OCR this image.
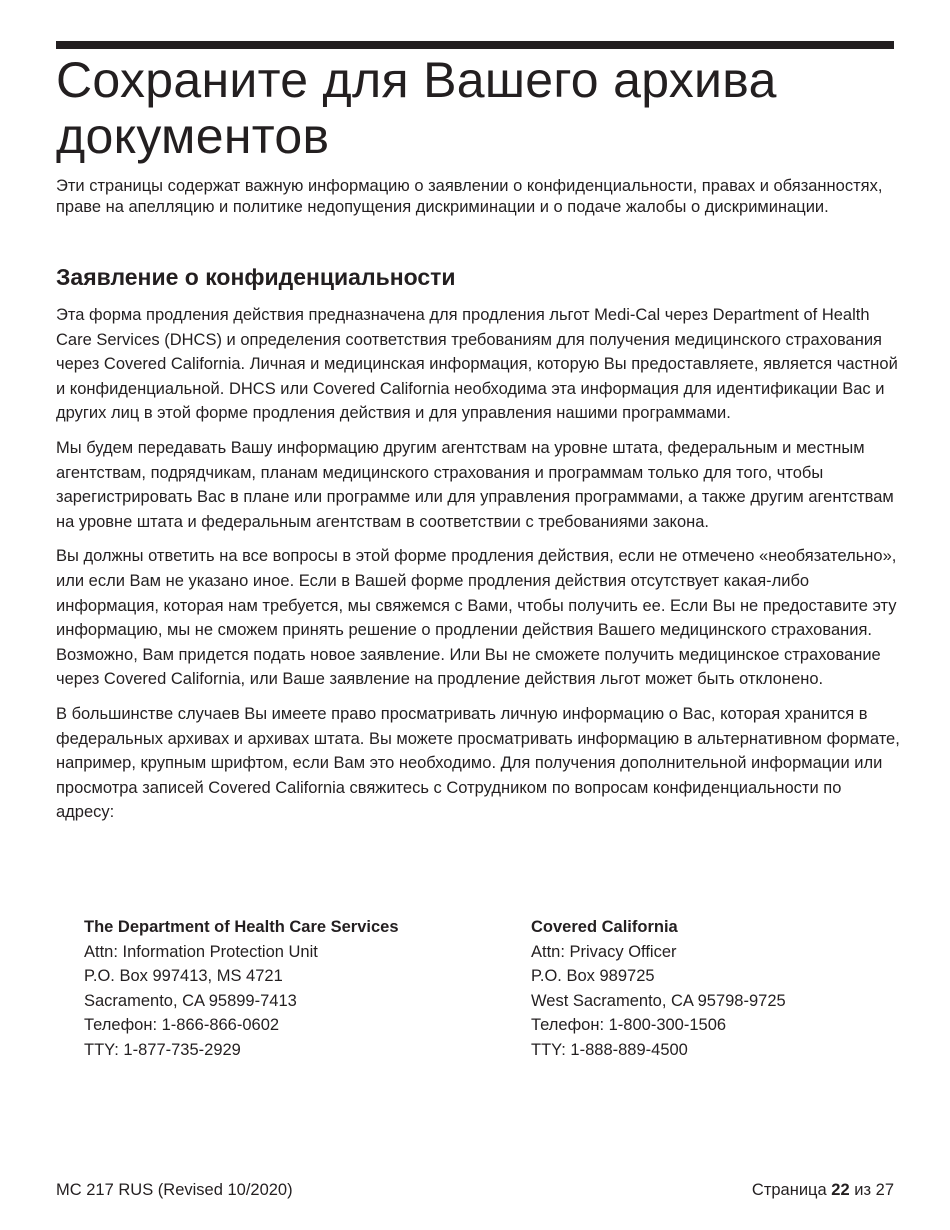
Сохраните для Вашего архива документов

Эти страницы содержат важную информацию о заявлении о конфиденциальности, правах и обязанностях, праве на апелляцию и политике недопущения дискриминации и о подаче жалобы о дискриминации.

Заявление о конфиденциальности

Эта форма продления действия предназначена для продления льгот Medi-Cal через Department of Health Care Services (DHCS) и определения соответствия требованиям для получения медицинского страхования через Covered California. Личная и медицинская информация, которую Вы предоставляете, является частной и конфиденциальной. DHCS или Covered California необходима эта информация для идентификации Вас и других лиц в этой форме продления действия и для управления нашими программами.

Мы будем передавать Вашу информацию другим агентствам на уровне штата, федеральным и местным агентствам, подрядчикам, планам медицинского страхования и программам только для того, чтобы зарегистрировать Вас в плане или программе или для управления программами, а также другим агентствам на уровне штата и федеральным агентствам в соответствии с требованиями закона.

Вы должны ответить на все вопросы в этой форме продления действия, если не отмечено «необязательно», или если Вам не указано иное. Если в Вашей форме продления действия отсутствует какая-либо информация, которая нам требуется, мы свяжемся с Вами, чтобы получить ее. Если Вы не предоставите эту информацию, мы не сможем принять решение о продлении действия Вашего медицинского страхования. Возможно, Вам придется подать новое заявление. Или Вы не сможете получить медицинское страхование через Covered California, или Ваше заявление на продление действия льгот может быть отклонено.

В большинстве случаев Вы имеете право просматривать личную информацию о Вас, которая хранится в федеральных архивах и архивах штата. Вы можете просматривать информацию в альтернативном формате, например, крупным шрифтом, если Вам это необходимо. Для получения дополнительной информации или просмотра записей Covered California свяжитесь с Сотрудником по вопросам конфиденциальности по адресу:

The Department of Health Care Services
Attn: Information Protection Unit
P.O. Box 997413, MS 4721
Sacramento, CA 95899-7413
Телефон: 1-866-866-0602
TTY: 1-877-735-2929
Covered California
Attn: Privacy Officer
P.O. Box 989725
West Sacramento, CA 95798-9725
Телефон: 1-800-300-1506
TTY: 1-888-889-4500
MC 217 RUS (Revised 10/2020)	Страница 22 из 27
